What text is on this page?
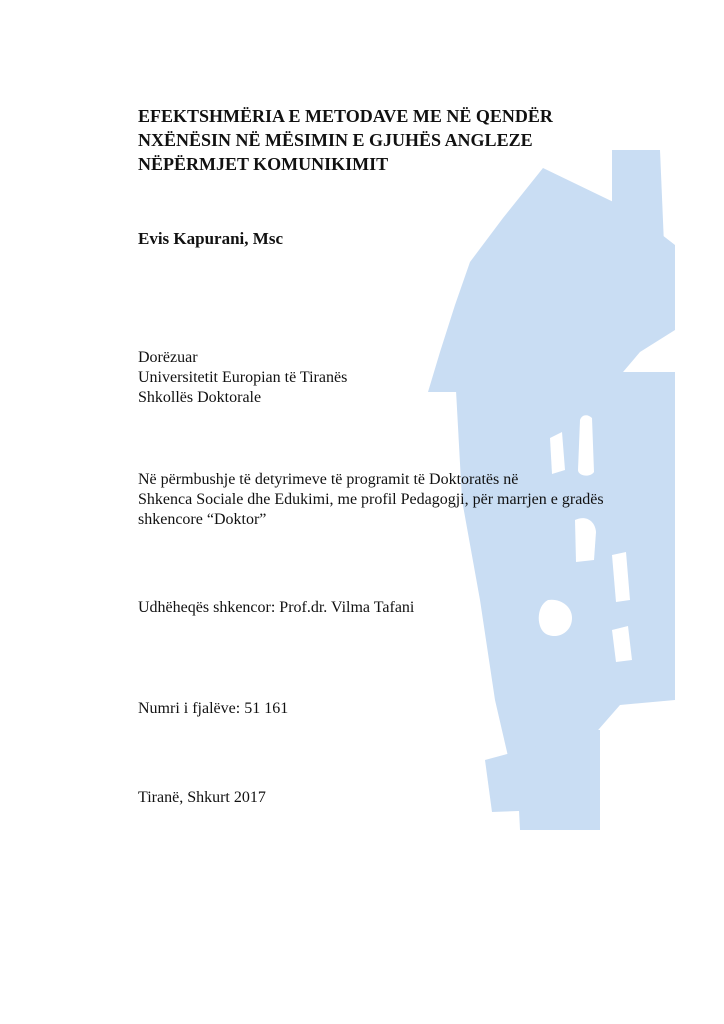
EFEKTSHMËRIA E METODAVE ME NË QENDËR
NXËNËSIN NË MËSIMIN E GJUHËS ANGLEZE
NËPËRMJET KOMUNIKIMIT
Evis Kapurani, Msc
Dorëzuar
Universitetit Europian të Tiranës
Shkollës Doktorale
Në përmbushje të detyrimeve të programit të Doktoratës në
Shkenca Sociale dhe Edukimi, me profil Pedagogji, për marrjen e gradës
shkencore “Doktor”
Udhëheqës shkencor: Prof.dr. Vilma Tafani
Numri i fjalëve: 51 161
Tiranë, Shkurt 2017
